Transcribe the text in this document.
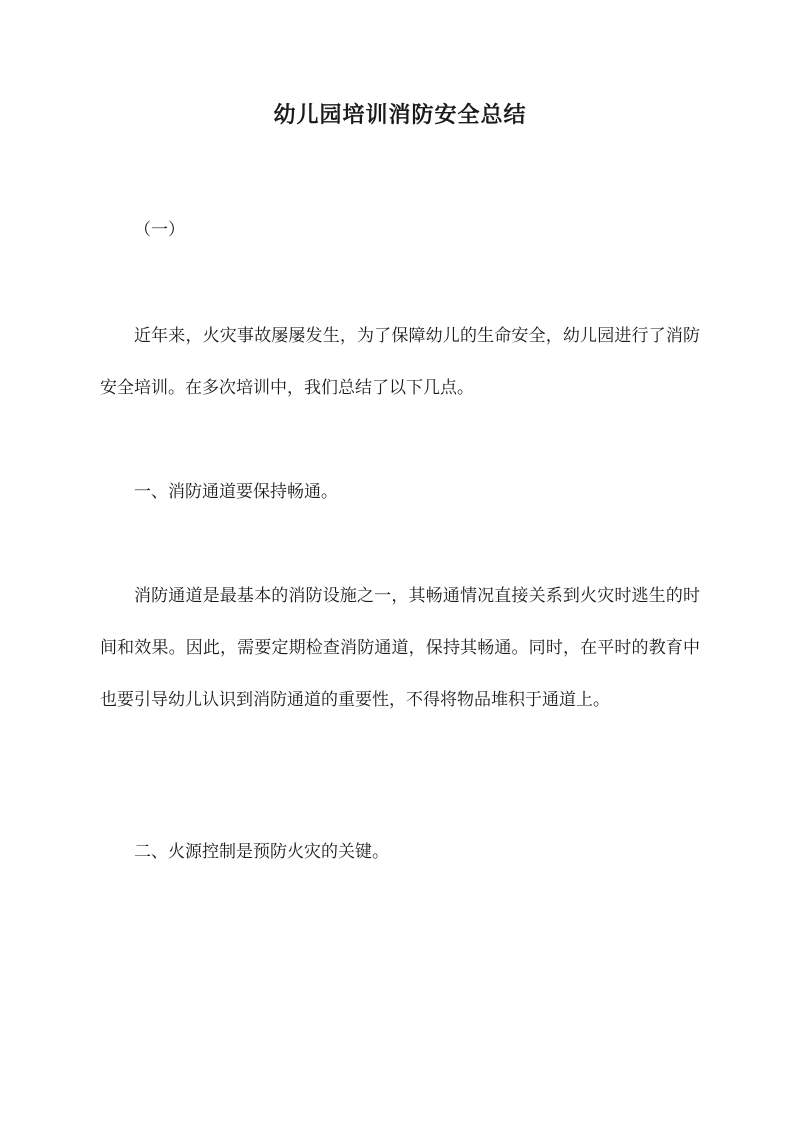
幼儿园培训消防安全总结

（一）

近年来，火灾事故屡屡发生，为了保障幼儿的生命安全，幼儿园进行了消防安全培训。在多次培训中，我们总结了以下几点。

一、消防通道要保持畅通。

消防通道是最基本的消防设施之一，其畅通情况直接关系到火灾时逃生的时间和效果。因此，需要定期检查消防通道，保持其畅通。同时，在平时的教育中也要引导幼儿认识到消防通道的重要性，不得将物品堆积于通道上。

二、火源控制是预防火灾的关键。
